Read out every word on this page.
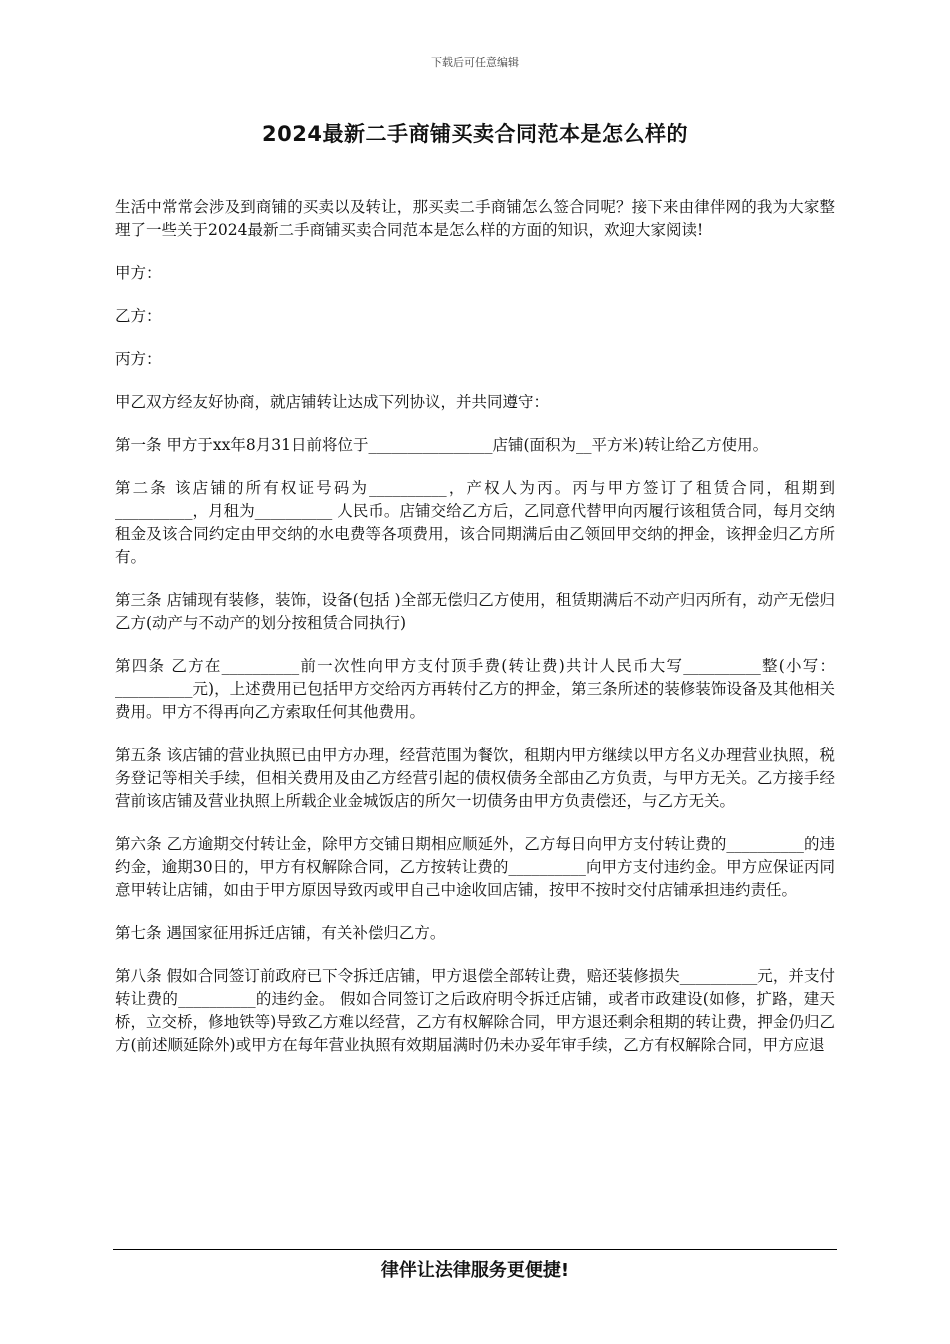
下载后可任意编辑
2024最新二手商铺买卖合同范本是怎么样的

生活中常常会涉及到商铺的买卖以及转让，那买卖二手商铺怎么签合同呢？接下来由律伴网的我为大家整理了一些关于2024最新二手商铺买卖合同范本是怎么样的方面的知识，欢迎大家阅读!

甲方：

乙方：

丙方：

甲乙双方经友好协商，就店铺转让达成下列协议，并共同遵守：

第一条 甲方于xx年8月31日前将位于________________店铺(面积为__平方米)转让给乙方使用。

第二条 该店铺的所有权证号码为__________，产权人为丙。丙与甲方签订了租赁合同，租期到__________，月租为__________ 人民币。店铺交给乙方后，乙同意代替甲向丙履行该租赁合同，每月交纳租金及该合同约定由甲交纳的水电费等各项费用，该合同期满后由乙领回甲交纳的押金，该押金归乙方所有。

第三条 店铺现有装修，装饰，设备(包括 )全部无偿归乙方使用，租赁期满后不动产归丙所有，动产无偿归乙方(动产与不动产的划分按租赁合同执行)

第四条 乙方在__________前一次性向甲方支付顶手费(转让费)共计人民币大写__________整(小写：__________元)，上述费用已包括甲方交给丙方再转付乙方的押金，第三条所述的装修装饰设备及其他相关费用。甲方不得再向乙方索取任何其他费用。

第五条 该店铺的营业执照已由甲方办理，经营范围为餐饮，租期内甲方继续以甲方名义办理营业执照，税务登记等相关手续，但相关费用及由乙方经营引起的债权债务全部由乙方负责，与甲方无关。乙方接手经营前该店铺及营业执照上所载企业金城饭店的所欠一切债务由甲方负责偿还，与乙方无关。

第六条 乙方逾期交付转让金，除甲方交铺日期相应顺延外，乙方每日向甲方支付转让费的__________的违约金，逾期30日的，甲方有权解除合同，乙方按转让费的__________向甲方支付违约金。甲方应保证丙同意甲转让店铺，如由于甲方原因导致丙或甲自己中途收回店铺，按甲不按时交付店铺承担违约责任。

第七条 遇国家征用拆迁店铺，有关补偿归乙方。

第八条 假如合同签订前政府已下令拆迁店铺，甲方退偿全部转让费，赔还装修损失__________元，并支付转让费的__________的违约金。 假如合同签订之后政府明令拆迁店铺，或者市政建设(如修，扩路，建天桥，立交桥，修地铁等)导致乙方难以经营，乙方有权解除合同，甲方退还剩余租期的转让费，押金仍归乙方(前述顺延除外)或甲方在每年营业执照有效期届满时仍未办妥年审手续，乙方有权解除合同，甲方应退

律伴让法律服务更便捷!
